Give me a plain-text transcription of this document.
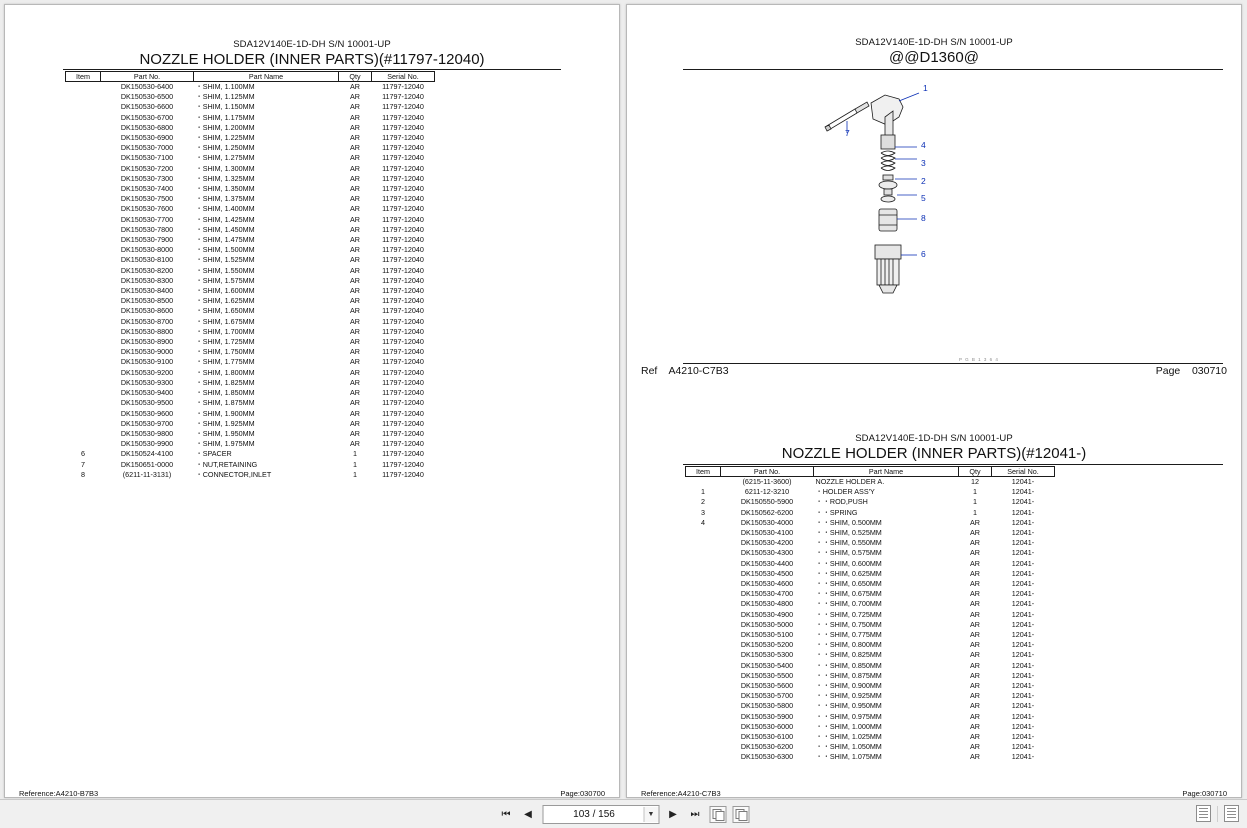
SDA12V140E-1D-DH S/N 10001-UP
NOZZLE HOLDER (INNER PARTS)(#11797-12040)
Item	Part No.	Part Name	Qty	Serial No.
	DK150530-6400	・SHIM, 1.100MM	AR	11797-12040
	DK150530-6500	・SHIM, 1.125MM	AR	11797-12040
	DK150530-6600	・SHIM, 1.150MM	AR	11797-12040
	DK150530-6700	・SHIM, 1.175MM	AR	11797-12040
	DK150530-6800	・SHIM, 1.200MM	AR	11797-12040
	DK150530-6900	・SHIM, 1.225MM	AR	11797-12040
	DK150530-7000	・SHIM, 1.250MM	AR	11797-12040
	DK150530-7100	・SHIM, 1.275MM	AR	11797-12040
	DK150530-7200	・SHIM, 1.300MM	AR	11797-12040
	DK150530-7300	・SHIM, 1.325MM	AR	11797-12040
	DK150530-7400	・SHIM, 1.350MM	AR	11797-12040
	DK150530-7500	・SHIM, 1.375MM	AR	11797-12040
	DK150530-7600	・SHIM, 1.400MM	AR	11797-12040
	DK150530-7700	・SHIM, 1.425MM	AR	11797-12040
	DK150530-7800	・SHIM, 1.450MM	AR	11797-12040
	DK150530-7900	・SHIM, 1.475MM	AR	11797-12040
	DK150530-8000	・SHIM, 1.500MM	AR	11797-12040
	DK150530-8100	・SHIM, 1.525MM	AR	11797-12040
	DK150530-8200	・SHIM, 1.550MM	AR	11797-12040
	DK150530-8300	・SHIM, 1.575MM	AR	11797-12040
	DK150530-8400	・SHIM, 1.600MM	AR	11797-12040
	DK150530-8500	・SHIM, 1.625MM	AR	11797-12040
	DK150530-8600	・SHIM, 1.650MM	AR	11797-12040
	DK150530-8700	・SHIM, 1.675MM	AR	11797-12040
	DK150530-8800	・SHIM, 1.700MM	AR	11797-12040
	DK150530-8900	・SHIM, 1.725MM	AR	11797-12040
	DK150530-9000	・SHIM, 1.750MM	AR	11797-12040
	DK150530-9100	・SHIM, 1.775MM	AR	11797-12040
	DK150530-9200	・SHIM, 1.800MM	AR	11797-12040
	DK150530-9300	・SHIM, 1.825MM	AR	11797-12040
	DK150530-9400	・SHIM, 1.850MM	AR	11797-12040
	DK150530-9500	・SHIM, 1.875MM	AR	11797-12040
	DK150530-9600	・SHIM, 1.900MM	AR	11797-12040
	DK150530-9700	・SHIM, 1.925MM	AR	11797-12040
	DK150530-9800	・SHIM, 1.950MM	AR	11797-12040
	DK150530-9900	・SHIM, 1.975MM	AR	11797-12040
6	DK150524-4100	・SPACER	1	11797-12040
7	DK150651-0000	・NUT,RETAINING	1	11797-12040
8	(6211-11-3131)	・CONNECTOR,INLET	1	11797-12040
Reference:A4210-B7B3	Page:030700
SDA12V140E-1D-DH S/N 10001-UP
@@D1360@
1
7
4
3
2
5
8
6
P G B 1 3 6 4
Ref A4210-C7B3	Page 030710
SDA12V140E-1D-DH S/N 10001-UP
NOZZLE HOLDER (INNER PARTS)(#12041-)
Item	Part No.	Part Name	Qty	Serial No.
	(6215-11-3600)	NOZZLE HOLDER A.	12	12041-
1	6211-12-3210	・HOLDER ASS'Y	1	12041-
2	DK150550-5900	・・ROD,PUSH	1	12041-
3	DK150562-6200	・・SPRING	1	12041-
4	DK150530-4000	・・SHIM, 0.500MM	AR	12041-
	DK150530-4100	・・SHIM, 0.525MM	AR	12041-
	DK150530-4200	・・SHIM, 0.550MM	AR	12041-
	DK150530-4300	・・SHIM, 0.575MM	AR	12041-
	DK150530-4400	・・SHIM, 0.600MM	AR	12041-
	DK150530-4500	・・SHIM, 0.625MM	AR	12041-
	DK150530-4600	・・SHIM, 0.650MM	AR	12041-
	DK150530-4700	・・SHIM, 0.675MM	AR	12041-
	DK150530-4800	・・SHIM, 0.700MM	AR	12041-
	DK150530-4900	・・SHIM, 0.725MM	AR	12041-
	DK150530-5000	・・SHIM, 0.750MM	AR	12041-
	DK150530-5100	・・SHIM, 0.775MM	AR	12041-
	DK150530-5200	・・SHIM, 0.800MM	AR	12041-
	DK150530-5300	・・SHIM, 0.825MM	AR	12041-
	DK150530-5400	・・SHIM, 0.850MM	AR	12041-
	DK150530-5500	・・SHIM, 0.875MM	AR	12041-
	DK150530-5600	・・SHIM, 0.900MM	AR	12041-
	DK150530-5700	・・SHIM, 0.925MM	AR	12041-
	DK150530-5800	・・SHIM, 0.950MM	AR	12041-
	DK150530-5900	・・SHIM, 0.975MM	AR	12041-
	DK150530-6000	・・SHIM, 1.000MM	AR	12041-
	DK150530-6100	・・SHIM, 1.025MM	AR	12041-
	DK150530-6200	・・SHIM, 1.050MM	AR	12041-
	DK150530-6300	・・SHIM, 1.075MM	AR	12041-
Reference:A4210-C7B3	Page:030710
⏮	◀	103 / 156	▼	▶	⏭
